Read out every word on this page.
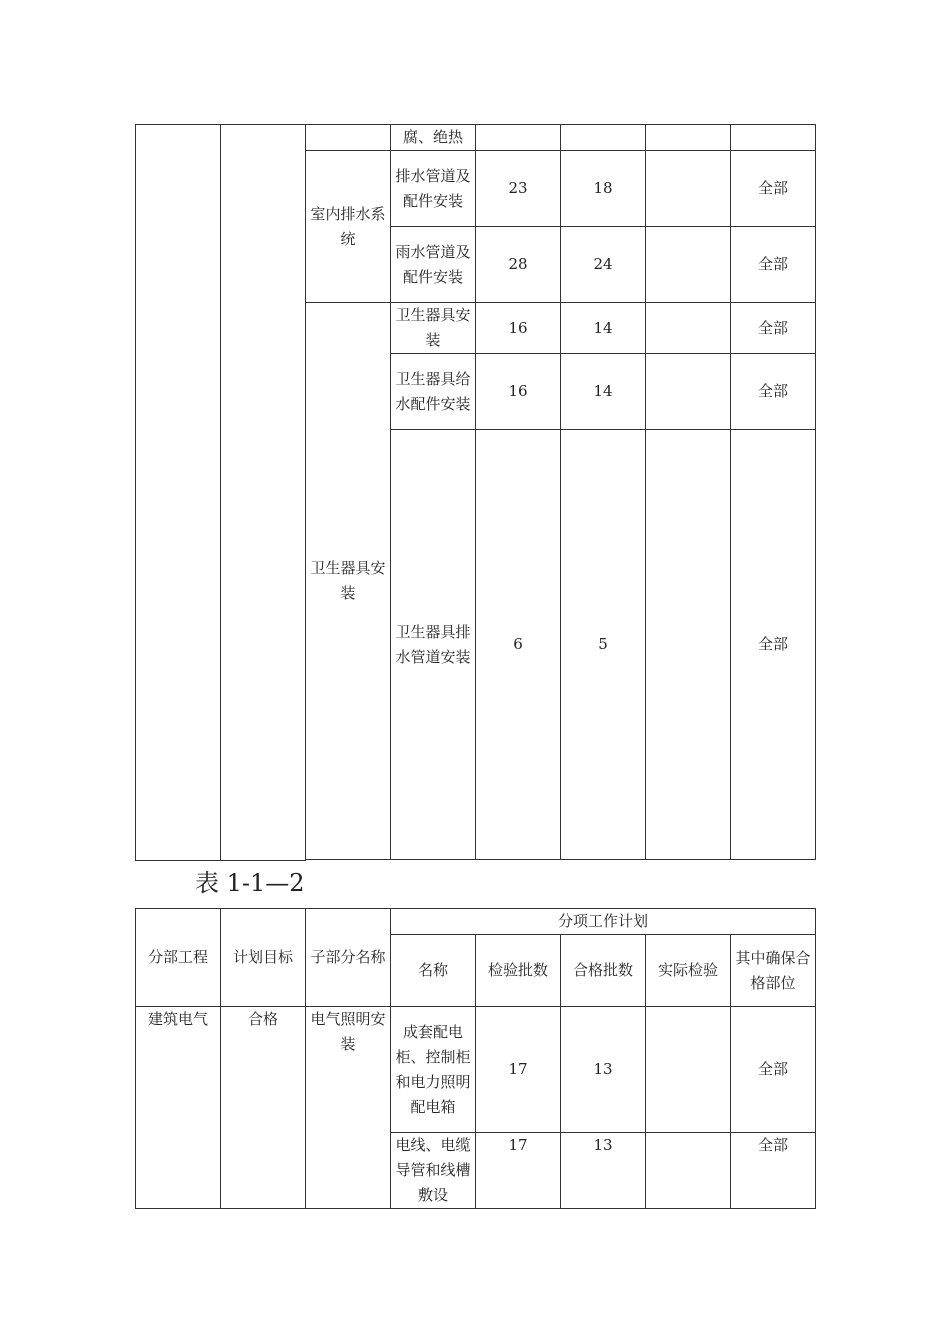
			腐、绝热				
		室内排水系统	排水管道及配件安装	23	18		全部
			雨水管道及配件安装	28	24		全部
		卫生器具安装	卫生器具安装	16	14		全部
			卫生器具给水配件安装	16	14		全部
			卫生器具排水管道安装	6	5		全部

表 1-1—2
分部工程	计划目标	子部分名称	分项工作计划				
			名称	检验批数	合格批数	实际检验	其中确保合格部位
建筑电气	合格	电气照明安装	成套配电柜、控制柜和电力照明配电箱	17	13		全部
			电线、电缆导管和线槽敷设	17	13		全部
